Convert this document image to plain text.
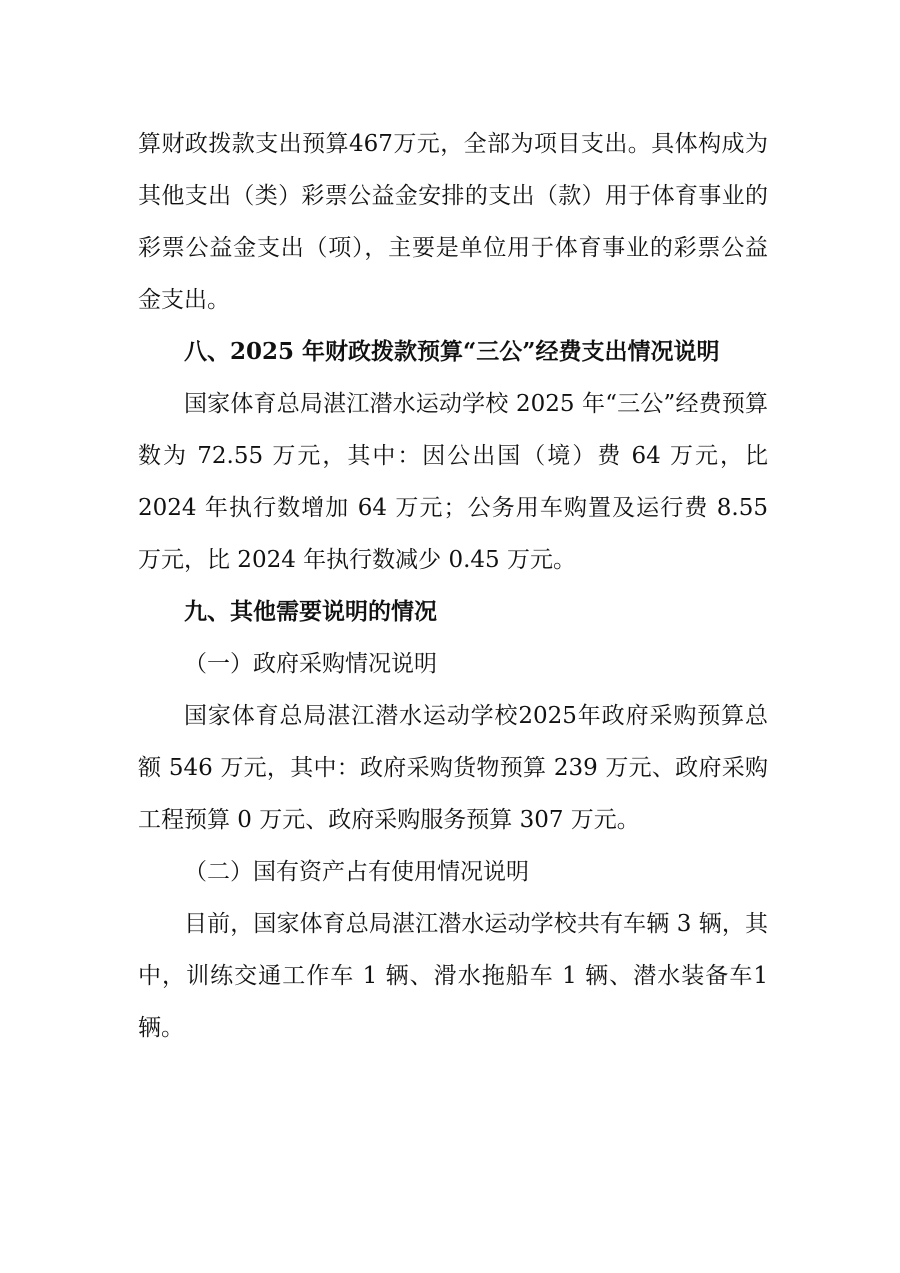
算财政拨款支出预算467万元，全部为项目支出。具体构成为其他支出（类）彩票公益金安排的支出（款）用于体育事业的彩票公益金支出（项），主要是单位用于体育事业的彩票公益金支出。

八、2025 年财政拨款预算“三公”经费支出情况说明

国家体育总局湛江潜水运动学校 2025 年“三公”经费预算数为 72.55 万元，其中：因公出国（境）费 64 万元，比 2024 年执行数增加 64 万元；公务用车购置及运行费 8.55 万元，比 2024 年执行数减少 0.45 万元。

九、其他需要说明的情况

（一）政府采购情况说明

国家体育总局湛江潜水运动学校2025年政府采购预算总额 546 万元，其中：政府采购货物预算 239 万元、政府采购工程预算 0 万元、政府采购服务预算 307 万元。

（二）国有资产占有使用情况说明

目前，国家体育总局湛江潜水运动学校共有车辆 3 辆，其中，训练交通工作车 1 辆、滑水拖船车 1 辆、潜水装备车1 辆。
